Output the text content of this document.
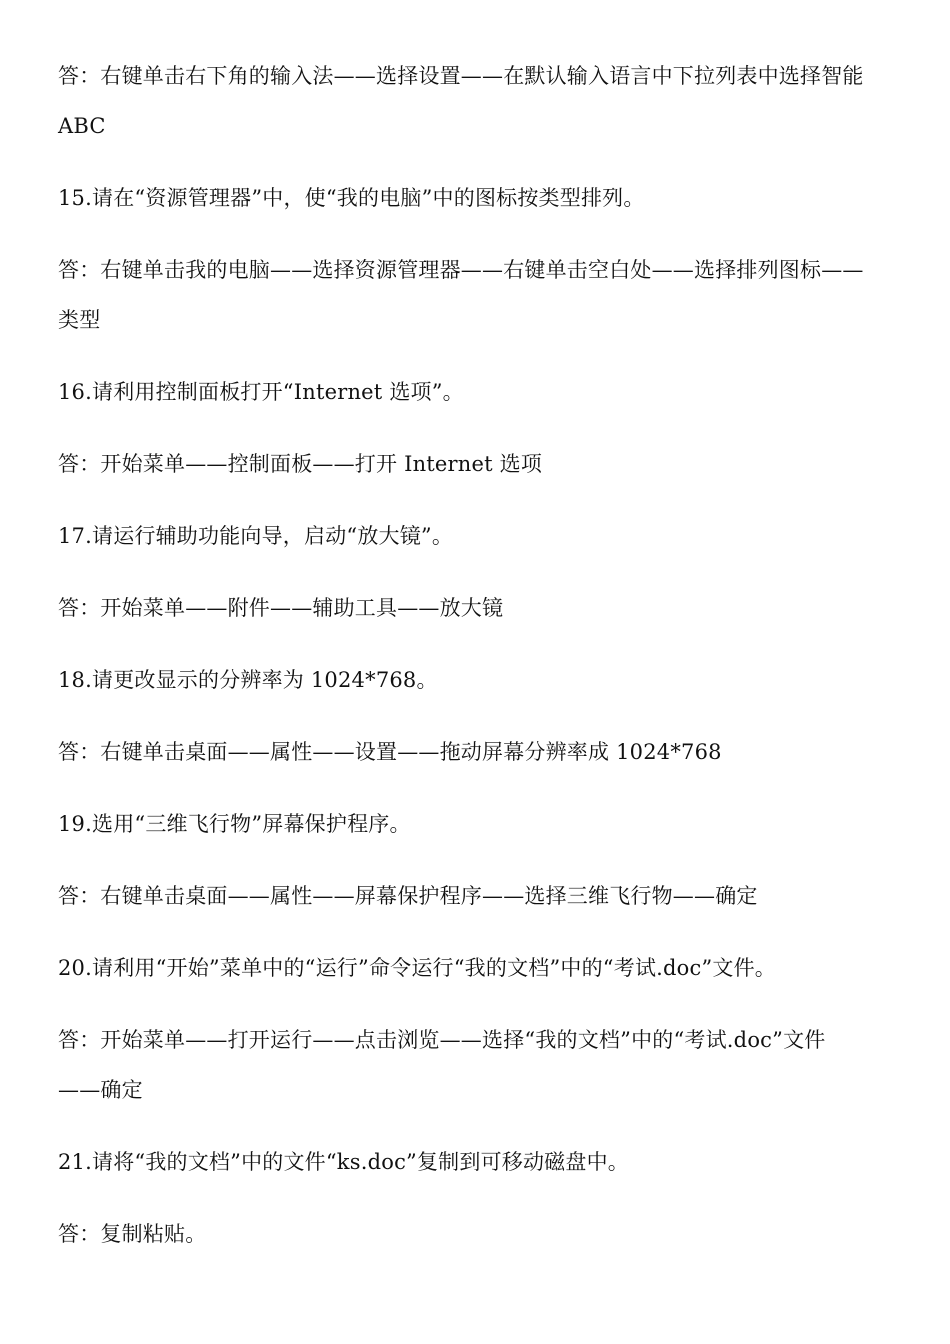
答：右键单击右下角的输入法——选择设置——在默认输入语言中下拉列表中选择智能
ABC
15.请在“资源管理器”中，使“我的电脑”中的图标按类型排列。
答：右键单击我的电脑——选择资源管理器——右键单击空白处——选择排列图标——
类型
16.请利用控制面板打开“Internet 选项”。
答：开始菜单——控制面板——打开 Internet 选项
17.请运行辅助功能向导，启动“放大镜”。
答：开始菜单——附件——辅助工具——放大镜
18.请更改显示的分辨率为 1024*768。
答：右键单击桌面——属性——设置——拖动屏幕分辨率成 1024*768
19.选用“三维飞行物”屏幕保护程序。
答：右键单击桌面——属性——屏幕保护程序——选择三维飞行物——确定
20.请利用“开始”菜单中的“运行”命令运行“我的文档”中的“考试.doc”文件。
答：开始菜单——打开运行——点击浏览——选择“我的文档”中的“考试.doc”文件
——确定
21.请将“我的文档”中的文件“ks.doc”复制到可移动磁盘中。
答：复制粘贴。
